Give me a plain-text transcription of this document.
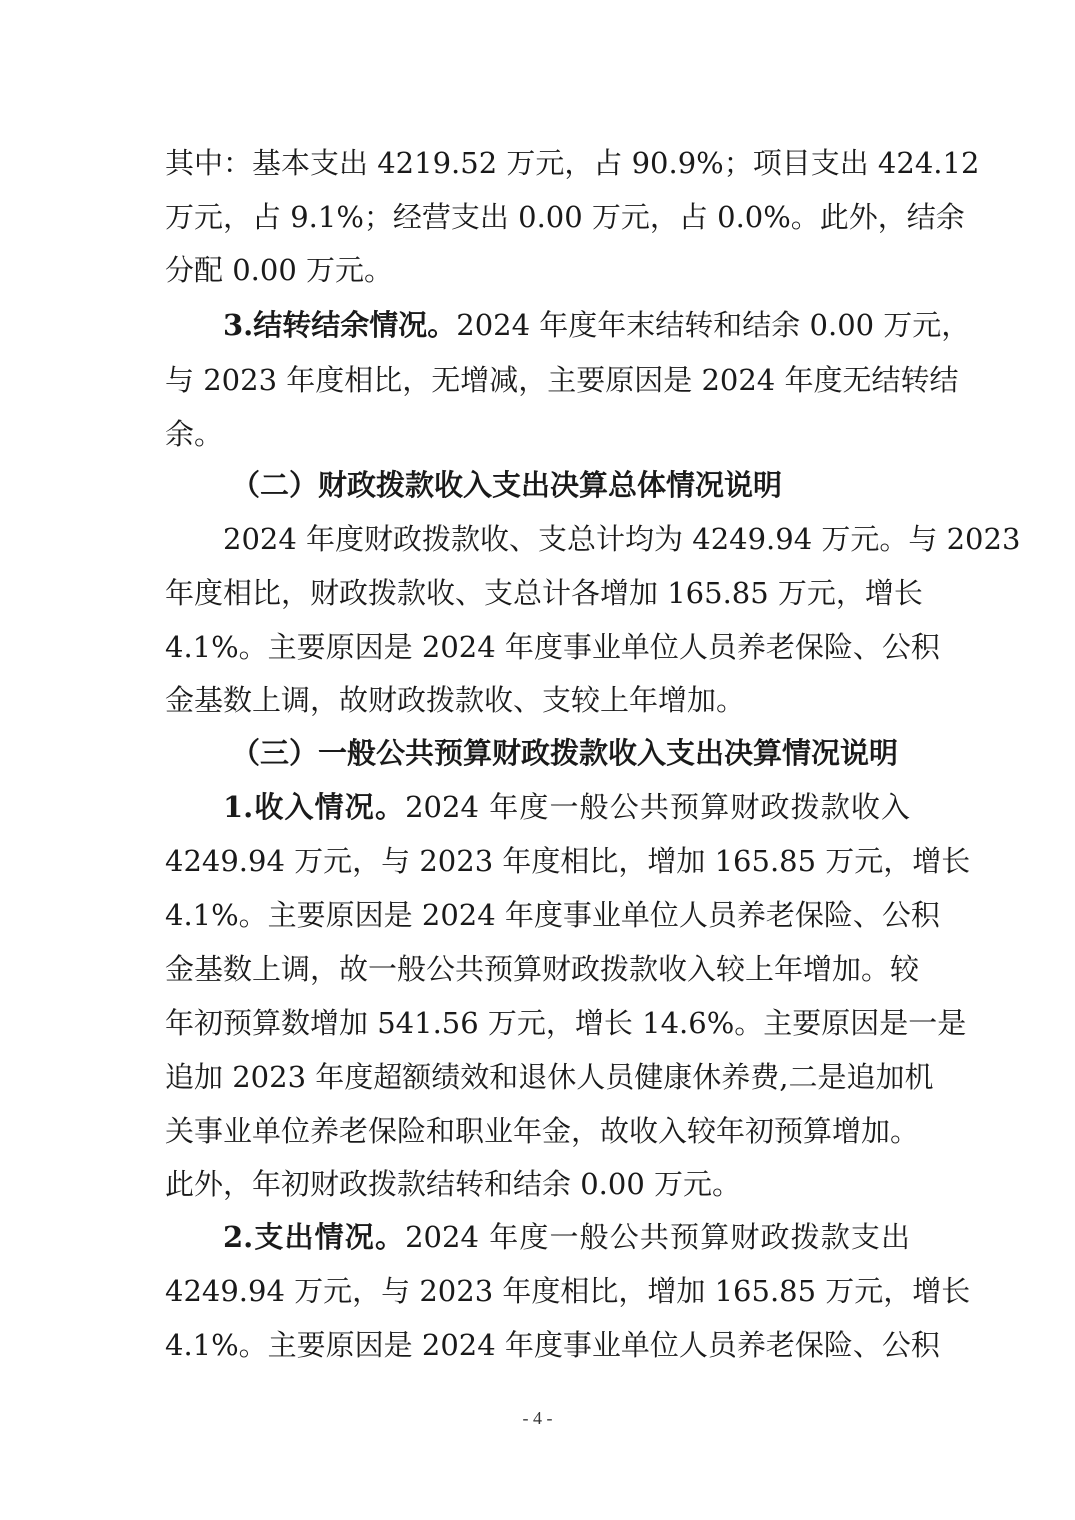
其中：基本支出 4219.52 万元，占 90.9%；项目支出 424.12
万元，占 9.1%；经营支出 0.00 万元，占 0.0%。此外，结余
分配 0.00 万元。
3.结转结余情况。2024 年度年末结转和结余 0.00 万元，
与 2023 年度相比，无增减，主要原因是 2024 年度无结转结
余。
（二）财政拨款收入支出决算总体情况说明
2024 年度财政拨款收、支总计均为 4249.94 万元。与 2023
年度相比，财政拨款收、支总计各增加 165.85 万元，增长
4.1%。主要原因是 2024 年度事业单位人员养老保险、公积
金基数上调，故财政拨款收、支较上年增加。
（三）一般公共预算财政拨款收入支出决算情况说明
1.收入情况。2024 年度一般公共预算财政拨款收入
4249.94 万元，与 2023 年度相比，增加 165.85 万元，增长
4.1%。主要原因是 2024 年度事业单位人员养老保险、公积
金基数上调，故一般公共预算财政拨款收入较上年增加。较
年初预算数增加 541.56 万元，增长 14.6%。主要原因是一是
追加 2023 年度超额绩效和退休人员健康休养费,二是追加机
关事业单位养老保险和职业年金，故收入较年初预算增加。
此外，年初财政拨款结转和结余 0.00 万元。
2.支出情况。2024 年度一般公共预算财政拨款支出
4249.94 万元，与 2023 年度相比，增加 165.85 万元，增长
4.1%。主要原因是 2024 年度事业单位人员养老保险、公积
- 4 -
